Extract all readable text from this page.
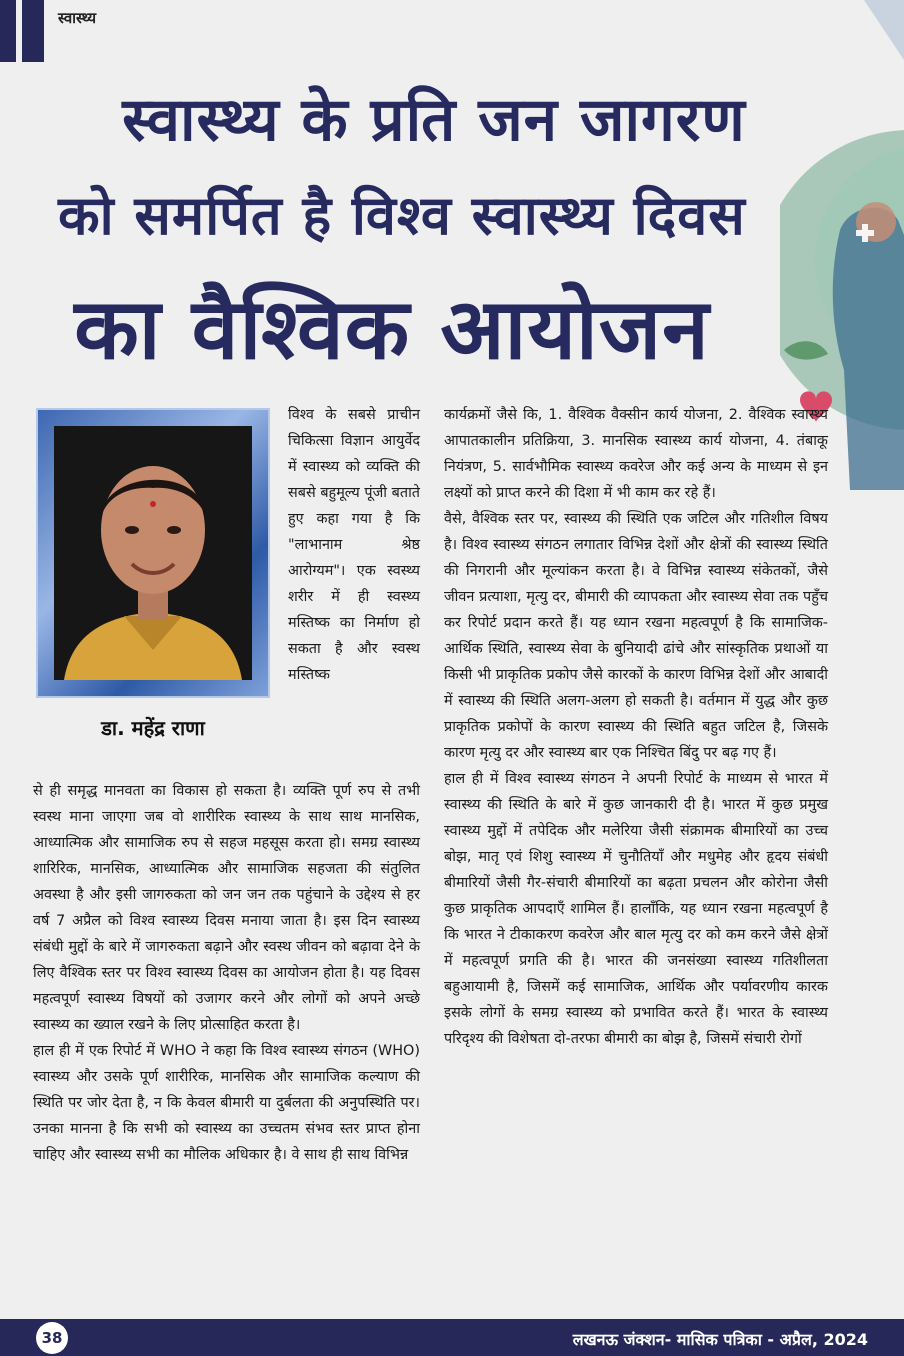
स्वास्थ्य
स्वास्थ्य के प्रति जन जागरण
को समर्पित है विश्व स्वास्थ्य दिवस
का वैश्विक आयोजन
डा. महेंद्र राणा

विश्व के सबसे प्राचीन चिकित्सा विज्ञान आयुर्वेद में स्वास्थ्य को व्यक्ति की सबसे बहुमूल्य पूंजी बताते हुए कहा गया है कि "लाभानाम श्रेष्ठ आरोग्यम"। एक स्वस्थ्य शरीर में ही स्वस्थ्य मस्तिष्क का निर्माण हो सकता है और स्वस्थ मस्तिष्क

से ही समृद्ध मानवता का विकास हो सकता है। व्यक्ति पूर्ण रुप से तभी स्वस्थ माना जाएगा जब वो शारीरिक स्वास्थ्य के साथ साथ मानसिक, आध्यात्मिक और सामाजिक रुप से सहज महसूस करता हो। समग्र स्वास्थ्य शारिरिक, मानसिक, आध्यात्मिक और सामाजिक सहजता की संतुलित अवस्था है और इसी जागरुकता को जन जन तक पहुंचाने के उद्देश्य से हर वर्ष 7 अप्रैल को विश्व स्वास्थ्य दिवस मनाया जाता है। इस दिन स्वास्थ्य संबंधी मुद्दों के बारे में जागरुकता बढ़ाने और स्वस्थ जीवन को बढ़ावा देने के लिए वैश्विक स्तर पर विश्व स्वास्थ्य दिवस का आयोजन होता है। यह दिवस महत्वपूर्ण स्वास्थ्य विषयों को उजागर करने और लोगों को अपने अच्छे स्वास्थ्य का ख्याल रखने के लिए प्रोत्साहित करता है।

हाल ही में एक रिपोर्ट में WHO ने कहा कि विश्व स्वास्थ्य संगठन (WHO) स्वास्थ्य और उसके पूर्ण शारीरिक, मानसिक और सामाजिक कल्याण की स्थिति पर जोर देता है, न कि केवल बीमारी या दुर्बलता की अनुपस्थिति पर। उनका मानना है कि सभी को स्वास्थ्य का उच्चतम संभव स्तर प्राप्त होना चाहिए और स्वास्थ्य सभी का मौलिक अधिकार है। वे साथ ही साथ विभिन्न

कार्यक्रमों जैसे कि, 1. वैश्विक वैक्सीन कार्य योजना, 2. वैश्विक स्वास्थ्य आपातकालीन प्रतिक्रिया, 3. मानसिक स्वास्थ्य कार्य योजना, 4. तंबाकू नियंत्रण, 5. सार्वभौमिक स्वास्थ्य कवरेज और कई अन्य के माध्यम से इन लक्ष्यों को प्राप्त करने की दिशा में भी काम कर रहे हैं।

वैसे, वैश्विक स्तर पर, स्वास्थ्य की स्थिति एक जटिल और गतिशील विषय है। विश्व स्वास्थ्य संगठन लगातार विभिन्न देशों और क्षेत्रों की स्वास्थ्य स्थिति की निगरानी और मूल्यांकन करता है। वे विभिन्न स्वास्थ्य संकेतकों, जैसे जीवन प्रत्याशा, मृत्यु दर, बीमारी की व्यापकता और स्वास्थ्य सेवा तक पहुँच कर रिपोर्ट प्रदान करते हैं। यह ध्यान रखना महत्वपूर्ण है कि सामाजिक-आर्थिक स्थिति, स्वास्थ्य सेवा के बुनियादी ढांचे और सांस्कृतिक प्रथाओं या किसी भी प्राकृतिक प्रकोप जैसे कारकों के कारण विभिन्न देशों और आबादी में स्वास्थ्य की स्थिति अलग-अलग हो सकती है। वर्तमान में युद्ध और कुछ प्राकृतिक प्रकोपों के कारण स्वास्थ्य की स्थिति बहुत जटिल है, जिसके कारण मृत्यु दर और स्वास्थ्य बार एक निश्चित बिंदु पर बढ़ गए हैं।

हाल ही में विश्व स्वास्थ्य संगठन ने अपनी रिपोर्ट के माध्यम से भारत में स्वास्थ्य की स्थिति के बारे में कुछ जानकारी दी है। भारत में कुछ प्रमुख स्वास्थ्य मुद्दों में तपेदिक और मलेरिया जैसी संक्रामक बीमारियों का उच्च बोझ, मातृ एवं शिशु स्वास्थ्य में चुनौतियाँ और मधुमेह और हृदय संबंधी बीमारियों जैसी गैर-संचारी बीमारियों का बढ़ता प्रचलन और कोरोना जैसी कुछ प्राकृतिक आपदाएँ शामिल हैं। हालाँकि, यह ध्यान रखना महत्वपूर्ण है कि भारत ने टीकाकरण कवरेज और बाल मृत्यु दर को कम करने जैसे क्षेत्रों में महत्वपूर्ण प्रगति की है। भारत की जनसंख्या स्वास्थ्य गतिशीलता बहुआयामी है, जिसमें कई सामाजिक, आर्थिक और पर्यावरणीय कारक इसके लोगों के समग्र स्वास्थ्य को प्रभावित करते हैं। भारत के स्वास्थ्य परिदृश्य की विशेषता दो-तरफा बीमारी का बोझ है, जिसमें संचारी रोगों

38	लखनऊ जंक्शन- मासिक पत्रिका - अप्रैल, 2024
